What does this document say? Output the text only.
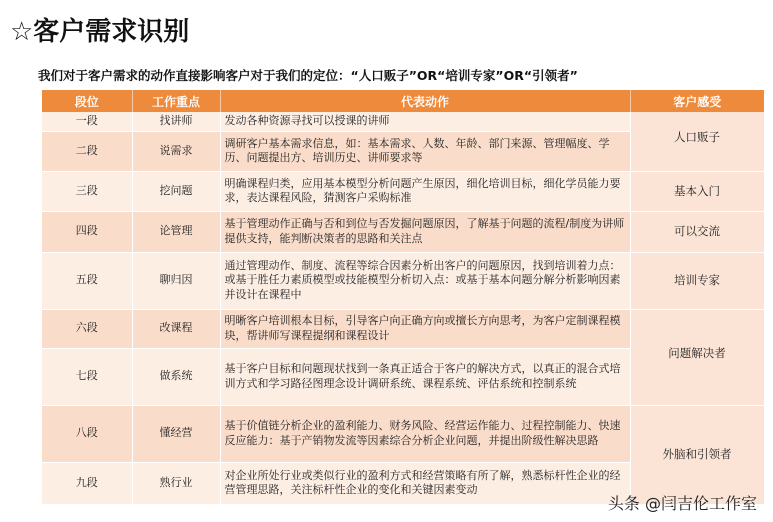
☆客户需求识别

我们对于客户需求的动作直接影响客户对于我们的定位：“人口贩子”OR“培训专家”OR“引领者”

段位	工作重点	代表动作	客户感受
一段	找讲师	发动各种资源寻找可以授课的讲师	人口贩子

二段	说需求	调研客户基本需求信息，如：基本需求、人数、年龄、部门来源、管理幅度、学历、问题提出方、培训历史、讲师要求等	
三段	挖问题	明确课程归类，应用基本模型分析问题产生原因，细化培训目标，细化学员能力要求，表达课程风险，猜测客户采购标准	基本入门
四段	论管理	基于管理动作正确与否和到位与否发掘问题原因，了解基于问题的流程/制度为讲师提供支持，能判断决策者的思路和关注点	可以交流
五段	聊归因	通过管理动作、制度、流程等综合因素分析出客户的问题原因，找到培训着力点：或基于胜任力素质模型或技能模型分析切入点：或基于基本问题分解分析影响因素并设计在课程中	培训专家
六段	改课程	明晰客户培训根本目标，引导客户向正确方向或擅长方向思考，为客户定制课程模块，帮讲师写课程提纲和课程设计	问题解决者

七段	做系统	基于客户目标和问题现状找到一条真正适合于客户的解决方式，以真正的混合式培训方式和学习路径图理念设计调研系统、课程系统、评估系统和控制系统	
八段	懂经营	基于价值链分析企业的盈利能力、财务风险、经营运作能力、过程控制能力、快速反应能力：基于产销物发流等因素综合分析企业问题，并提出阶级性解决思路	外脑和引领者
九段	熟行业	对企业所处行业或类似行业的盈利方式和经营策略有所了解，熟悉标杆性企业的经营管理思路，关注标杆性企业的变化和关键因素变动	
头条 @闫吉伦工作室
